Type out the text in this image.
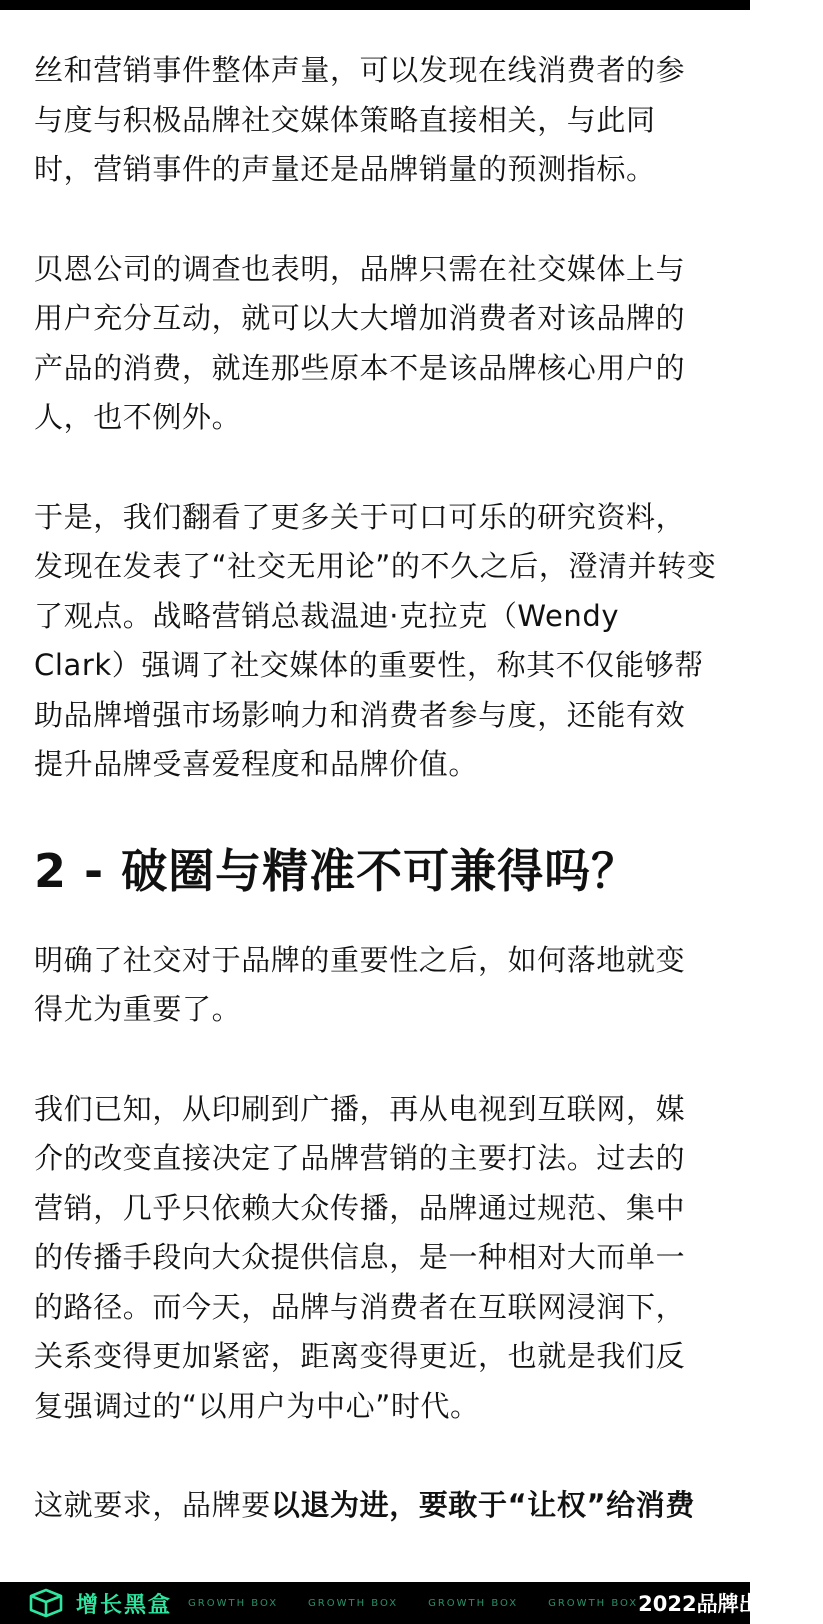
丝和营销事件整体声量，可以发现在线消费者的参
与度与积极品牌社交媒体策略直接相关，与此同
时，营销事件的声量还是品牌销量的预测指标。

贝恩公司的调查也表明，品牌只需在社交媒体上与
用户充分互动，就可以大大增加消费者对该品牌的
产品的消费，就连那些原本不是该品牌核心用户的
人，也不例外。

于是，我们翻看了更多关于可口可乐的研究资料，
发现在发表了“社交无用论”的不久之后，澄清并转变
了观点。战略营销总裁温迪·克拉克（Wendy
Clark）强调了社交媒体的重要性，称其不仅能够帮
助品牌增强市场影响力和消费者参与度，还能有效
提升品牌受喜爱程度和品牌价值。

2 - 破圈与精准不可兼得吗？

明确了社交对于品牌的重要性之后，如何落地就变
得尤为重要了。

我们已知，从印刷到广播，再从电视到互联网，媒
介的改变直接决定了品牌营销的主要打法。过去的
营销，几乎只依赖大众传播，品牌通过规范、集中
的传播手段向大众提供信息，是一种相对大而单一
的路径。而今天，品牌与消费者在互联网浸润下，
关系变得更加紧密，距离变得更近，也就是我们反
复强调过的“以用户为中心”时代。

这就要求，品牌要以退为进，要敢于“让权”给消费

增长黑盒 GROWTH BOX	GROWTH BOX	GROWTH BOX	GROWTH BOX 2022品牌出圈指南
